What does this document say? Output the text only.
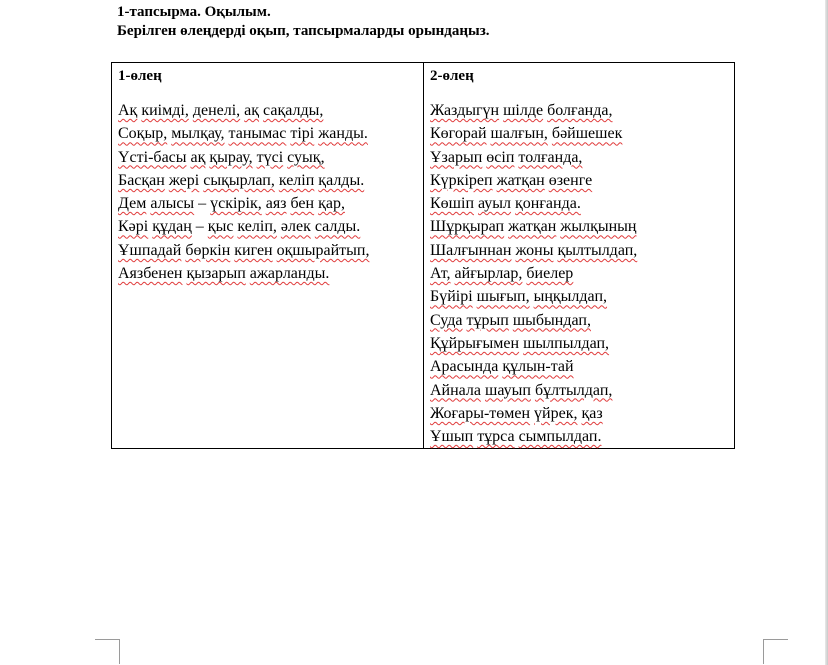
1-тапсырма. Оқылым.
Берілген өлеңдерді оқып, тапсырмаларды орындаңыз.
1-өлең
Ақ киімді, денелі, ақ сақалды,
Соқыр, мылқау, танымас тірі жанды.
Үсті-басы ақ қырау, түсі суық,
Басқан жері сықырлап, келіп қалды.
Дем алысы – үскірік, аяз бен қар,
Кәрі құдаң – қыс келіп, әлек салды.
Ұшпадай бөркін киген оқшырайтып,
Аязбенен қызарып ажарланды.

2-өлең
Жаздыгүн шілде болғанда,
Көгорай шалғын, бәйшешек
Ұзарып өсіп толғанда,
Күркіреп жатқан өзенге
Көшіп ауыл қонғанда.
Шұрқырап жатқан жылқының
Шалғыннан жоны қылтылдап,
Ат, айғырлар, биелер
Бүйірі шығып, ыңқылдап,
Суда тұрып шыбындап,
Құйрығымен шылпылдап,
Арасында құлын-тай
Айнала шауып бұлтылдап,
Жоғары-төмен үйрек, қаз
Ұшып тұрса сымпылдап.
